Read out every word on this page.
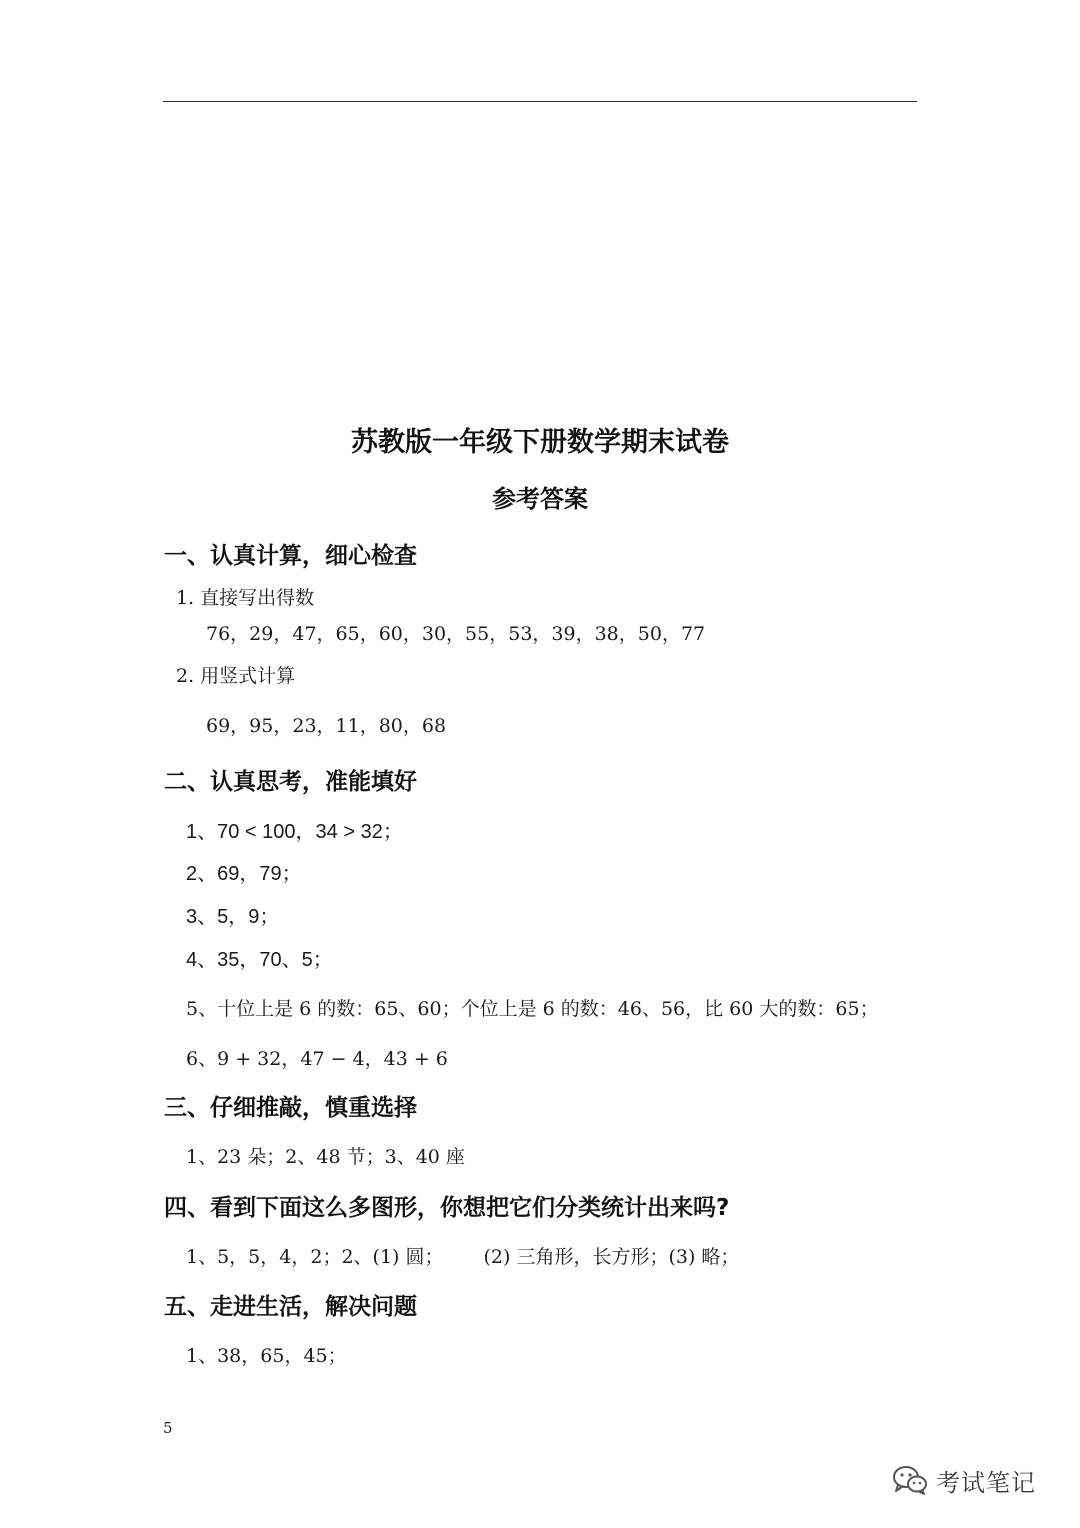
苏教版一年级下册数学期末试卷
参考答案
一、认真计算，细心检查
1. 直接写出得数
76，29，47，65，60，30，55，53，39，38，50，77
2. 用竖式计算
69，95，23，11，80，68
二、认真思考，准能填好
1、70 < 100，34 > 32；
2、69，79；
3、5，9；
4、35，70、5；
5、十位上是 6 的数：65、60；个位上是 6 的数：46、56，比 60 大的数：65；
6、9 + 32，47 − 4，43 + 6
三、仔细推敲，慎重选择
1、23 朵；2、48 节；3、40 座
四、看到下面这么多图形，你想把它们分类统计出来吗?
1、5，5，4，2；2、(1) 圆； (2) 三角形，长方形；(3) 略；
五、走进生活，解决问题
1、38，65，45；
5
考试笔记
